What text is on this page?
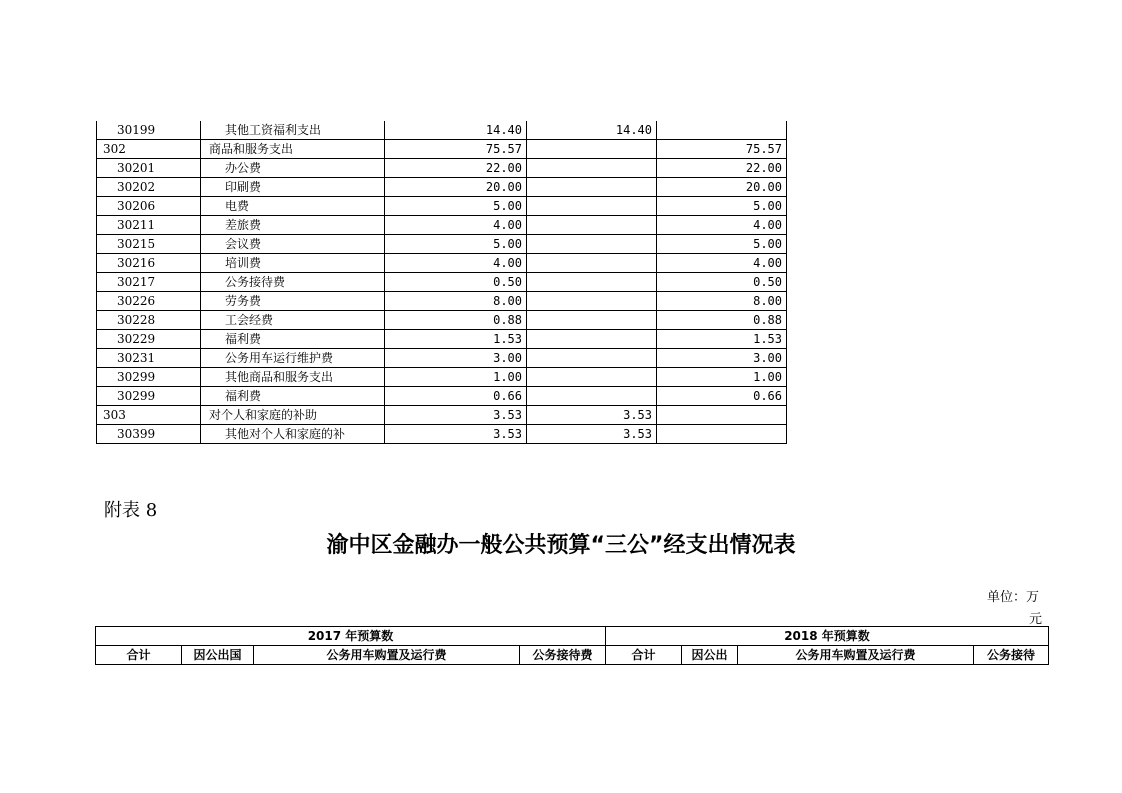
30199	其他工资福利支出	14.40	14.40	
302	商品和服务支出	75.57		75.57
30201	办公费	22.00		22.00
30202	印刷费	20.00		20.00
30206	电费	5.00		5.00
30211	差旅费	4.00		4.00
30215	会议费	5.00		5.00
30216	培训费	4.00		4.00
30217	公务接待费	0.50		0.50
30226	劳务费	8.00		8.00
30228	工会经费	0.88		0.88
30229	福利费	1.53		1.53
30231	公务用车运行维护费	3.00		3.00
30299	其他商品和服务支出	1.00		1.00
30299	福利费	0.66		0.66
303	对个人和家庭的补助	3.53	3.53	
30399	其他对个人和家庭的补	3.53	3.53	
附表 8
渝中区金融办一般公共预算“三公”经支出情况表
单位：万
元
2017 年预算数				2018 年预算数			
合计	因公出国	公务用车购置及运行费	公务接待费	合计	因公出	公务用车购置及运行费	公务接待
